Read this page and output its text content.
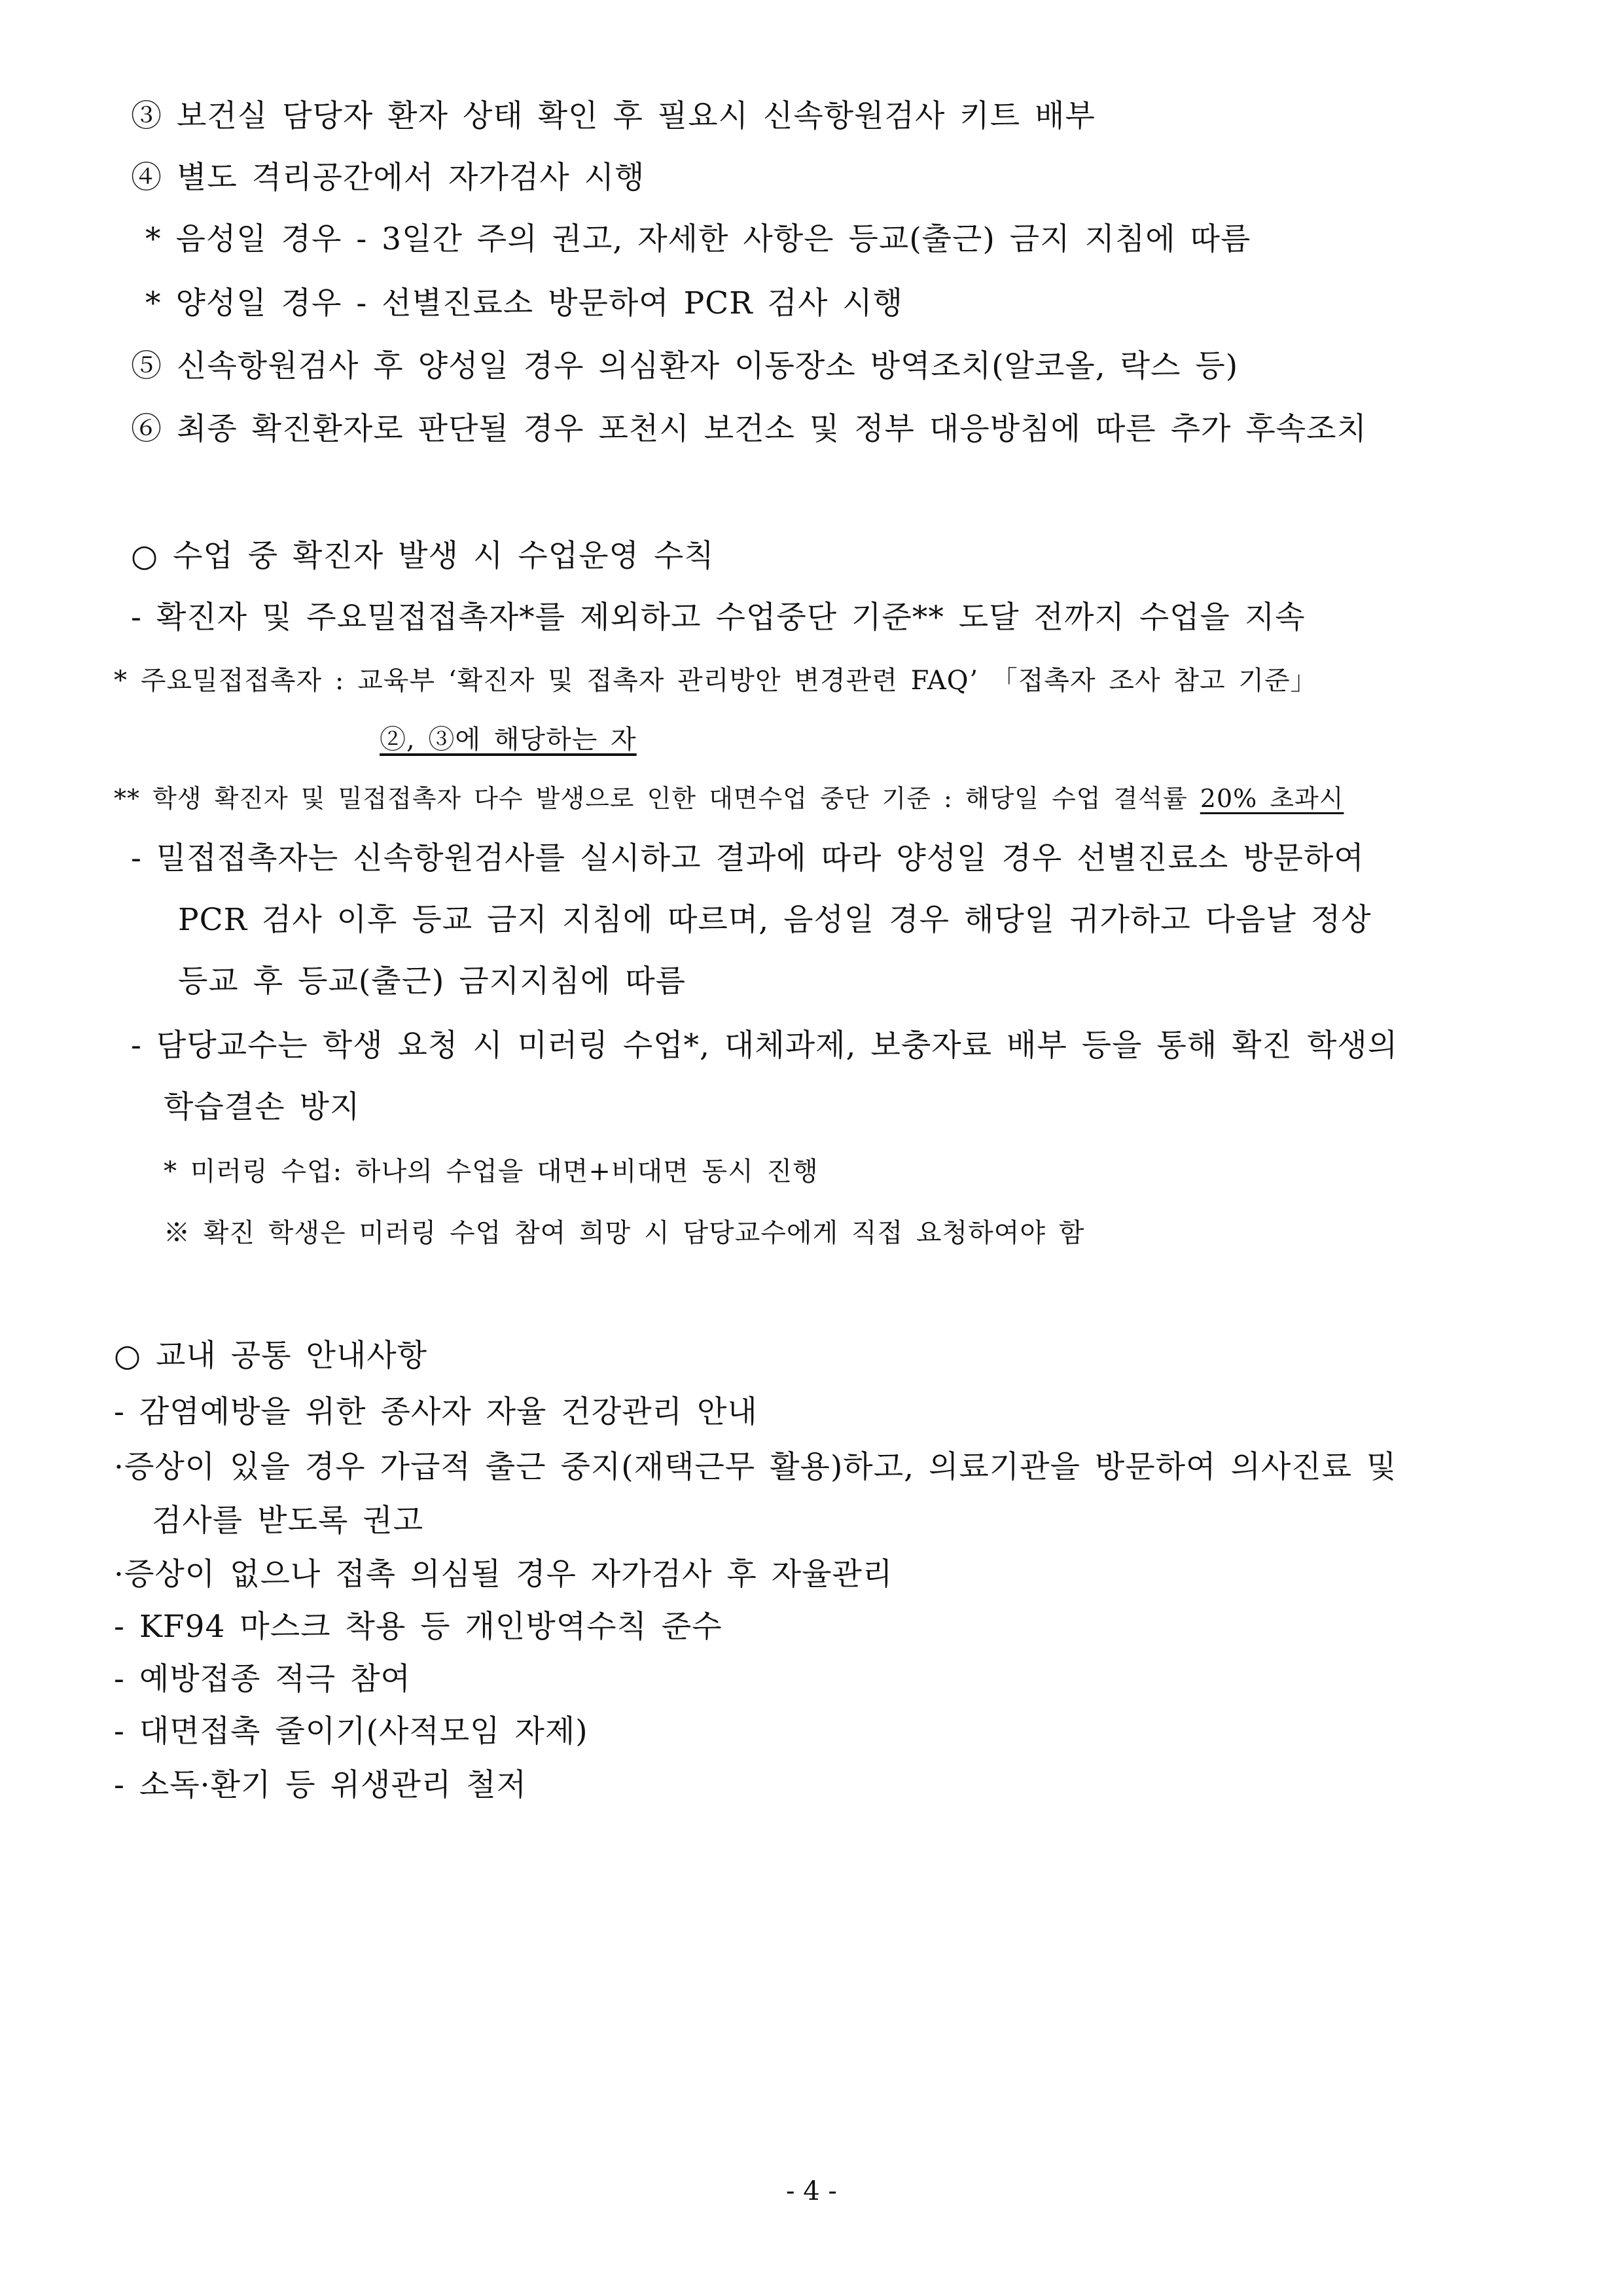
③ 보건실 담당자 환자 상태 확인 후 필요시 신속항원검사 키트 배부
④ 별도 격리공간에서 자가검사 시행
* 음성일 경우 - 3일간 주의 권고, 자세한 사항은 등교(출근) 금지 지침에 따름
* 양성일 경우 - 선별진료소 방문하여 PCR 검사 시행
⑤ 신속항원검사 후 양성일 경우 의심환자 이동장소 방역조치(알코올, 락스 등)
⑥ 최종 확진환자로 판단될 경우 포천시 보건소 및 정부 대응방침에 따른 추가 후속조치
○ 수업 중 확진자 발생 시 수업운영 수칙
- 확진자 및 주요밀접접촉자*를 제외하고 수업중단 기준** 도달 전까지 수업을 지속
* 주요밀접접촉자 : 교육부 ‘확진자 및 접촉자 관리방안 변경관련 FAQ’ 「접촉자 조사 참고 기준」
②, ③에 해당하는 자
** 학생 확진자 및 밀접접촉자 다수 발생으로 인한 대면수업 중단 기준 : 해당일 수업 결석률 20% 초과시
- 밀접접촉자는 신속항원검사를 실시하고 결과에 따라 양성일 경우 선별진료소 방문하여
PCR 검사 이후 등교 금지 지침에 따르며, 음성일 경우 해당일 귀가하고 다음날 정상
등교 후 등교(출근) 금지지침에 따름
- 담당교수는 학생 요청 시 미러링 수업*, 대체과제, 보충자료 배부 등을 통해 확진 학생의
학습결손 방지
* 미러링 수업: 하나의 수업을 대면+비대면 동시 진행
※ 확진 학생은 미러링 수업 참여 희망 시 담당교수에게 직접 요청하여야 함
○ 교내 공통 안내사항
- 감염예방을 위한 종사자 자율 건강관리 안내
·증상이 있을 경우 가급적 출근 중지(재택근무 활용)하고, 의료기관을 방문하여 의사진료 및
검사를 받도록 권고
·증상이 없으나 접촉 의심될 경우 자가검사 후 자율관리
- KF94 마스크 착용 등 개인방역수칙 준수
- 예방접종 적극 참여
- 대면접촉 줄이기(사적모임 자제)
- 소독·환기 등 위생관리 철저
- 4 -
